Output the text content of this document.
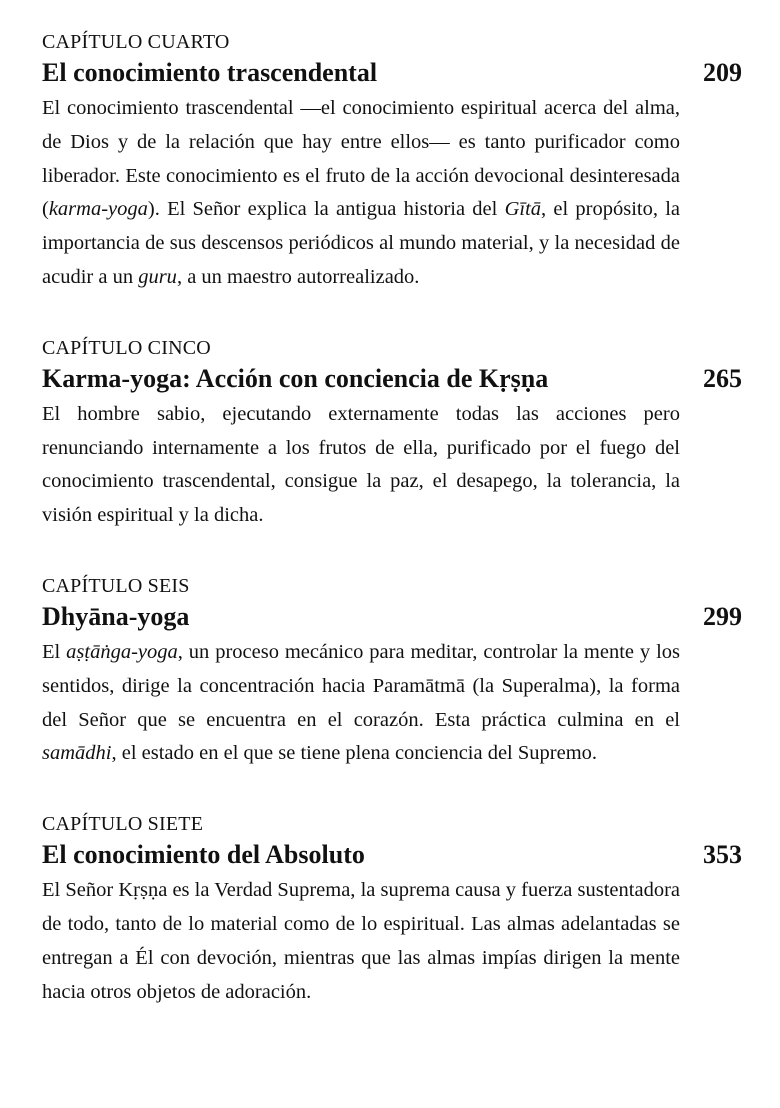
CAPÍTULO CUARTO

El conocimiento trascendental	209

El conocimiento trascendental —el conocimiento espiritual acerca del alma, de Dios y de la relación que hay entre ellos— es tanto purificador como liberador. Este conocimiento es el fruto de la acción devocional desinteresada (karma-yoga). El Señor explica la antigua historia del Gītā, el propósito, la importancia de sus descensos periódicos al mundo material, y la necesidad de acudir a un guru, a un maestro autorrealizado.

CAPÍTULO CINCO

Karma-yoga: Acción con conciencia de Kṛṣṇa	265

El hombre sabio, ejecutando externamente todas las acciones pero renunciando internamente a los frutos de ella, purificado por el fuego del conocimiento trascendental, consigue la paz, el desapego, la tolerancia, la visión espiritual y la dicha.

CAPÍTULO SEIS

Dhyāna-yoga	299

El aṣṭāṅga-yoga, un proceso mecánico para meditar, controlar la mente y los sentidos, dirige la concentración hacia Paramātmā (la Superalma), la forma del Señor que se encuentra en el corazón. Esta práctica culmina en el samādhi, el estado en el que se tiene plena conciencia del Supremo.

CAPÍTULO SIETE

El conocimiento del Absoluto	353

El Señor Kṛṣṇa es la Verdad Suprema, la suprema causa y fuerza sustentadora de todo, tanto de lo material como de lo espiritual. Las almas adelantadas se entregan a Él con devoción, mientras que las almas impías dirigen la mente hacia otros objetos de adoración.
